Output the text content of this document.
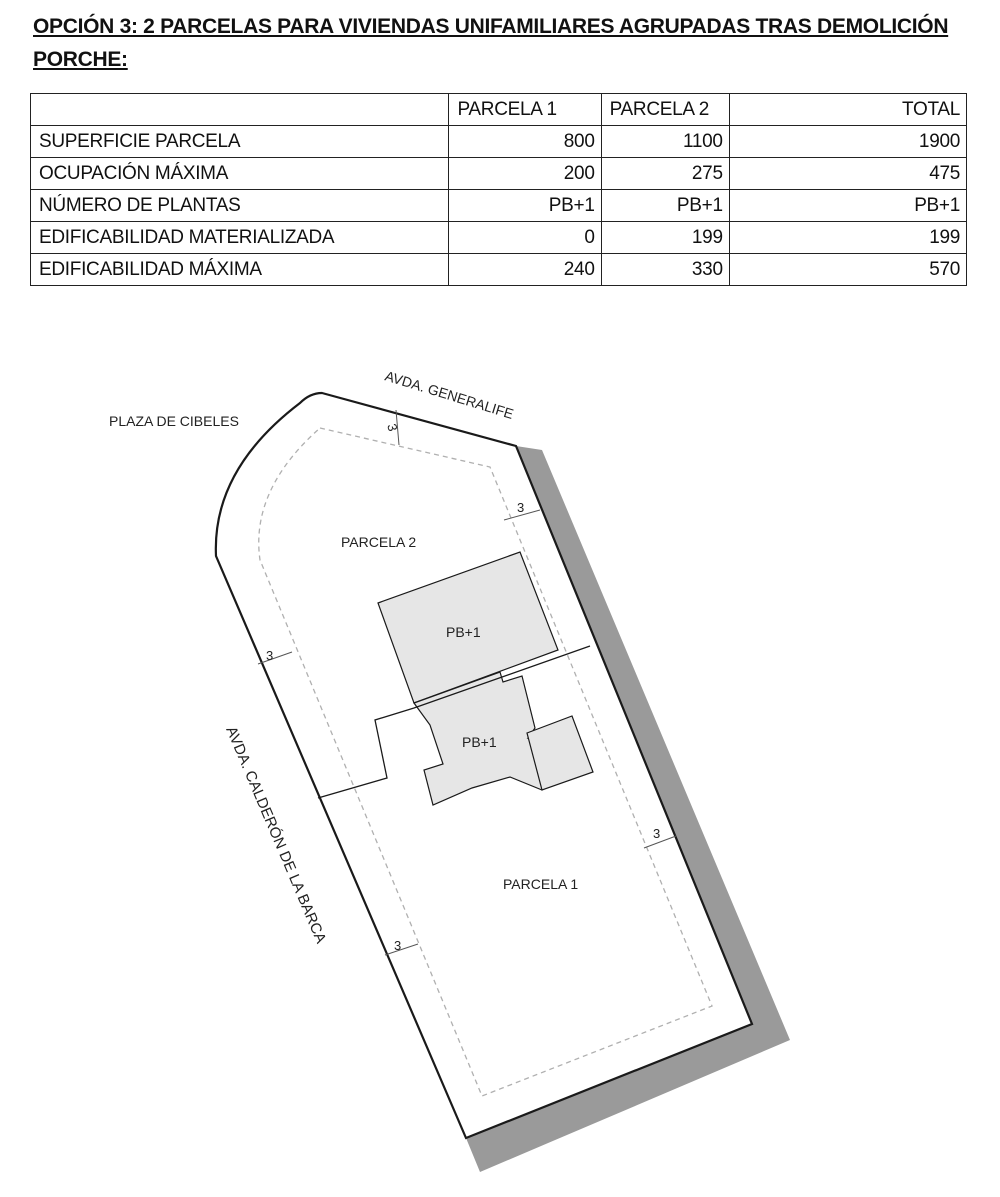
OPCIÓN 3: 2 PARCELAS PARA VIVIENDAS UNIFAMILIARES AGRUPADAS TRAS DEMOLICIÓN PORCHE:
	PARCELA 1	PARCELA 2	TOTAL
SUPERFICIE PARCELA	800	1100	1900
OCUPACIÓN MÁXIMA	200	275	475
NÚMERO DE PLANTAS	PB+1	PB+1	PB+1
EDIFICABILIDAD MATERIALIZADA	0	199	199
EDIFICABILIDAD MÁXIMA	240	330	570
3
3
3
3
3
AVDA. GENERALIFE
PLAZA DE CIBELES
AVDA. CALDERÓN DE LA BARCA
PARCELA 2
PARCELA 1
PB+1
PB+1
